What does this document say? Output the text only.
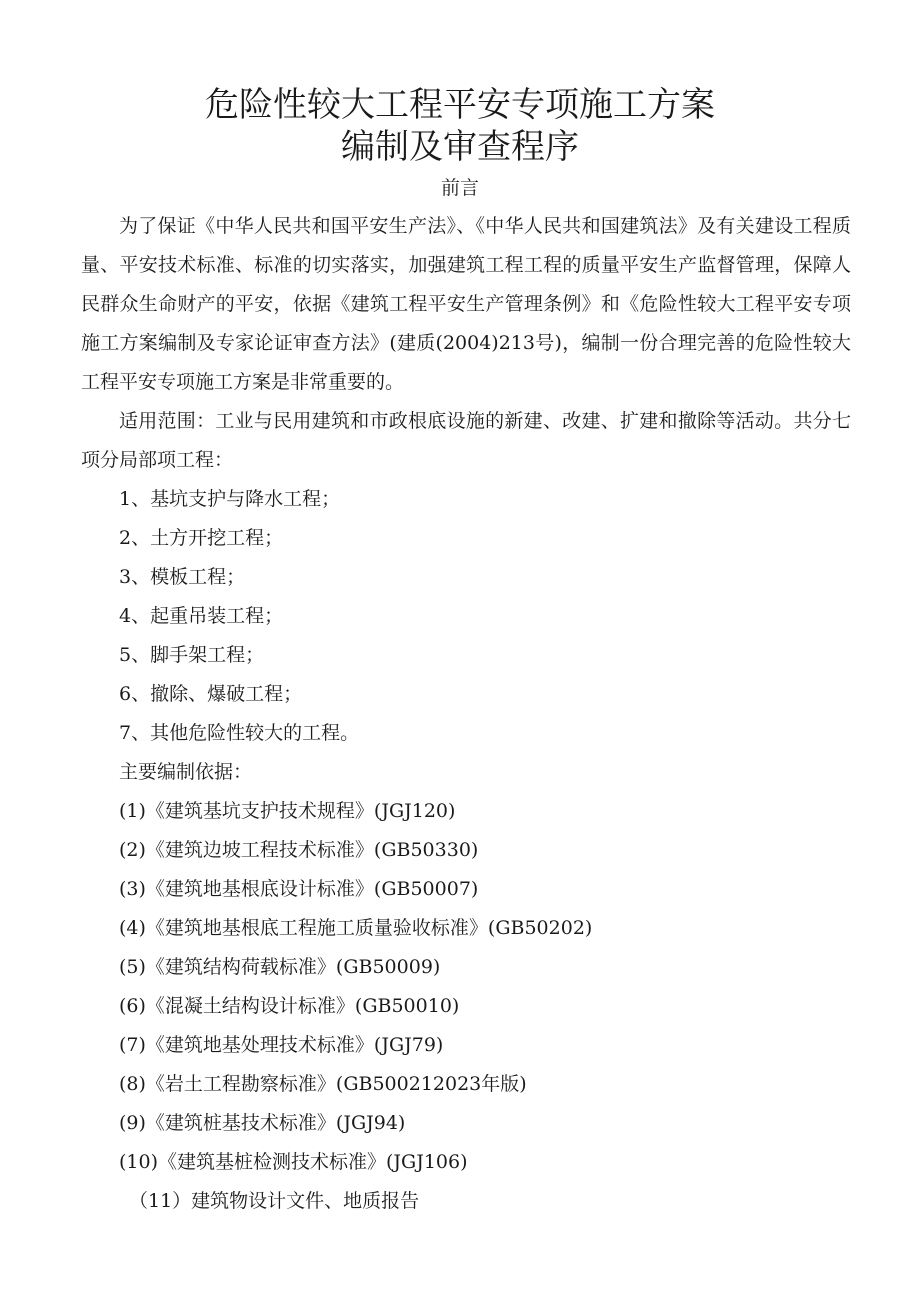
危险性较大工程平安专项施工方案
编制及审查程序
前言

为了保证《中华人民共和国平安生产法》、《中华人民共和国建筑法》及有关建设工程质量、平安技术标准、标准的切实落实，加强建筑工程工程的质量平安生产监督管理，保障人民群众生命财产的平安，依据《建筑工程平安生产管理条例》和《危险性较大工程平安专项施工方案编制及专家论证审查方法》(建质(2004)213号)，编制一份合理完善的危险性较大工程平安专项施工方案是非常重要的。

适用范围：工业与民用建筑和市政根底设施的新建、改建、扩建和撤除等活动。共分七项分局部项工程：

1、基坑支护与降水工程；

2、土方开挖工程；

3、模板工程；

4、起重吊装工程；

5、脚手架工程；

6、撤除、爆破工程；

7、其他危险性较大的工程。

主要编制依据：

(1)《建筑基坑支护技术规程》(JGJ120)

(2)《建筑边坡工程技术标准》(GB50330)

(3)《建筑地基根底设计标准》(GB50007)

(4)《建筑地基根底工程施工质量验收标准》(GB50202)

(5)《建筑结构荷载标准》(GB50009)

(6)《混凝土结构设计标准》(GB50010)

(7)《建筑地基处理技术标准》(JGJ79)

(8)《岩土工程勘察标准》(GB500212023年版)

(9)《建筑桩基技术标准》(JGJ94)

(10)《建筑基桩检测技术标准》(JGJ106)

（11）建筑物设计文件、地质报告
